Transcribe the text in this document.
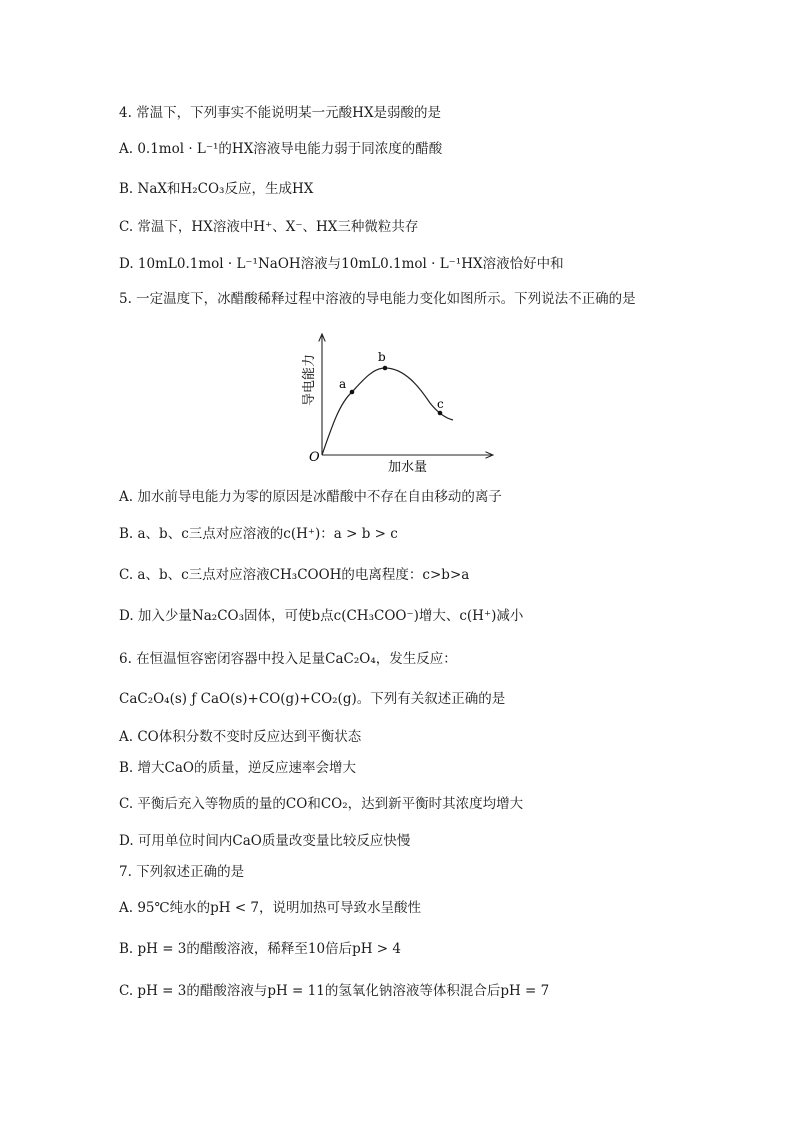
4. 常温下，下列事实不能说明某一元酸HX是弱酸的是
A. 0.1mol · L⁻¹的HX溶液导电能力弱于同浓度的醋酸
B. NaX和H₂CO₃反应，生成HX
C. 常温下，HX溶液中H⁺、X⁻、HX三种微粒共存
D. 10mL0.1mol · L⁻¹NaOH溶液与10mL0.1mol · L⁻¹HX溶液恰好中和
5. 一定温度下，冰醋酸稀释过程中溶液的导电能力变化如图所示。下列说法不正确的是
a
b
c
O
加水量
导电能力
A. 加水前导电能力为零的原因是冰醋酸中不存在自由移动的离子
B. a、b、c三点对应溶液的c(H⁺)：a > b > c
C. a、b、c三点对应溶液CH₃COOH的电离程度：c>b>a
D. 加入少量Na₂CO₃固体，可使b点c(CH₃COO⁻)增大、c(H⁺)减小
6. 在恒温恒容密闭容器中投入足量CaC₂O₄，发生反应：
CaC₂O₄(s) ƒ CaO(s)+CO(g)+CO₂(g)。下列有关叙述正确的是
A. CO体积分数不变时反应达到平衡状态
B. 增大CaO的质量，逆反应速率会增大
C. 平衡后充入等物质的量的CO和CO₂，达到新平衡时其浓度均增大
D. 可用单位时间内CaO质量改变量比较反应快慢
7. 下列叙述正确的是
A. 95℃纯水的pH < 7，说明加热可导致水呈酸性
B. pH = 3的醋酸溶液，稀释至10倍后pH > 4
C. pH = 3的醋酸溶液与pH = 11的氢氧化钠溶液等体积混合后pH = 7
